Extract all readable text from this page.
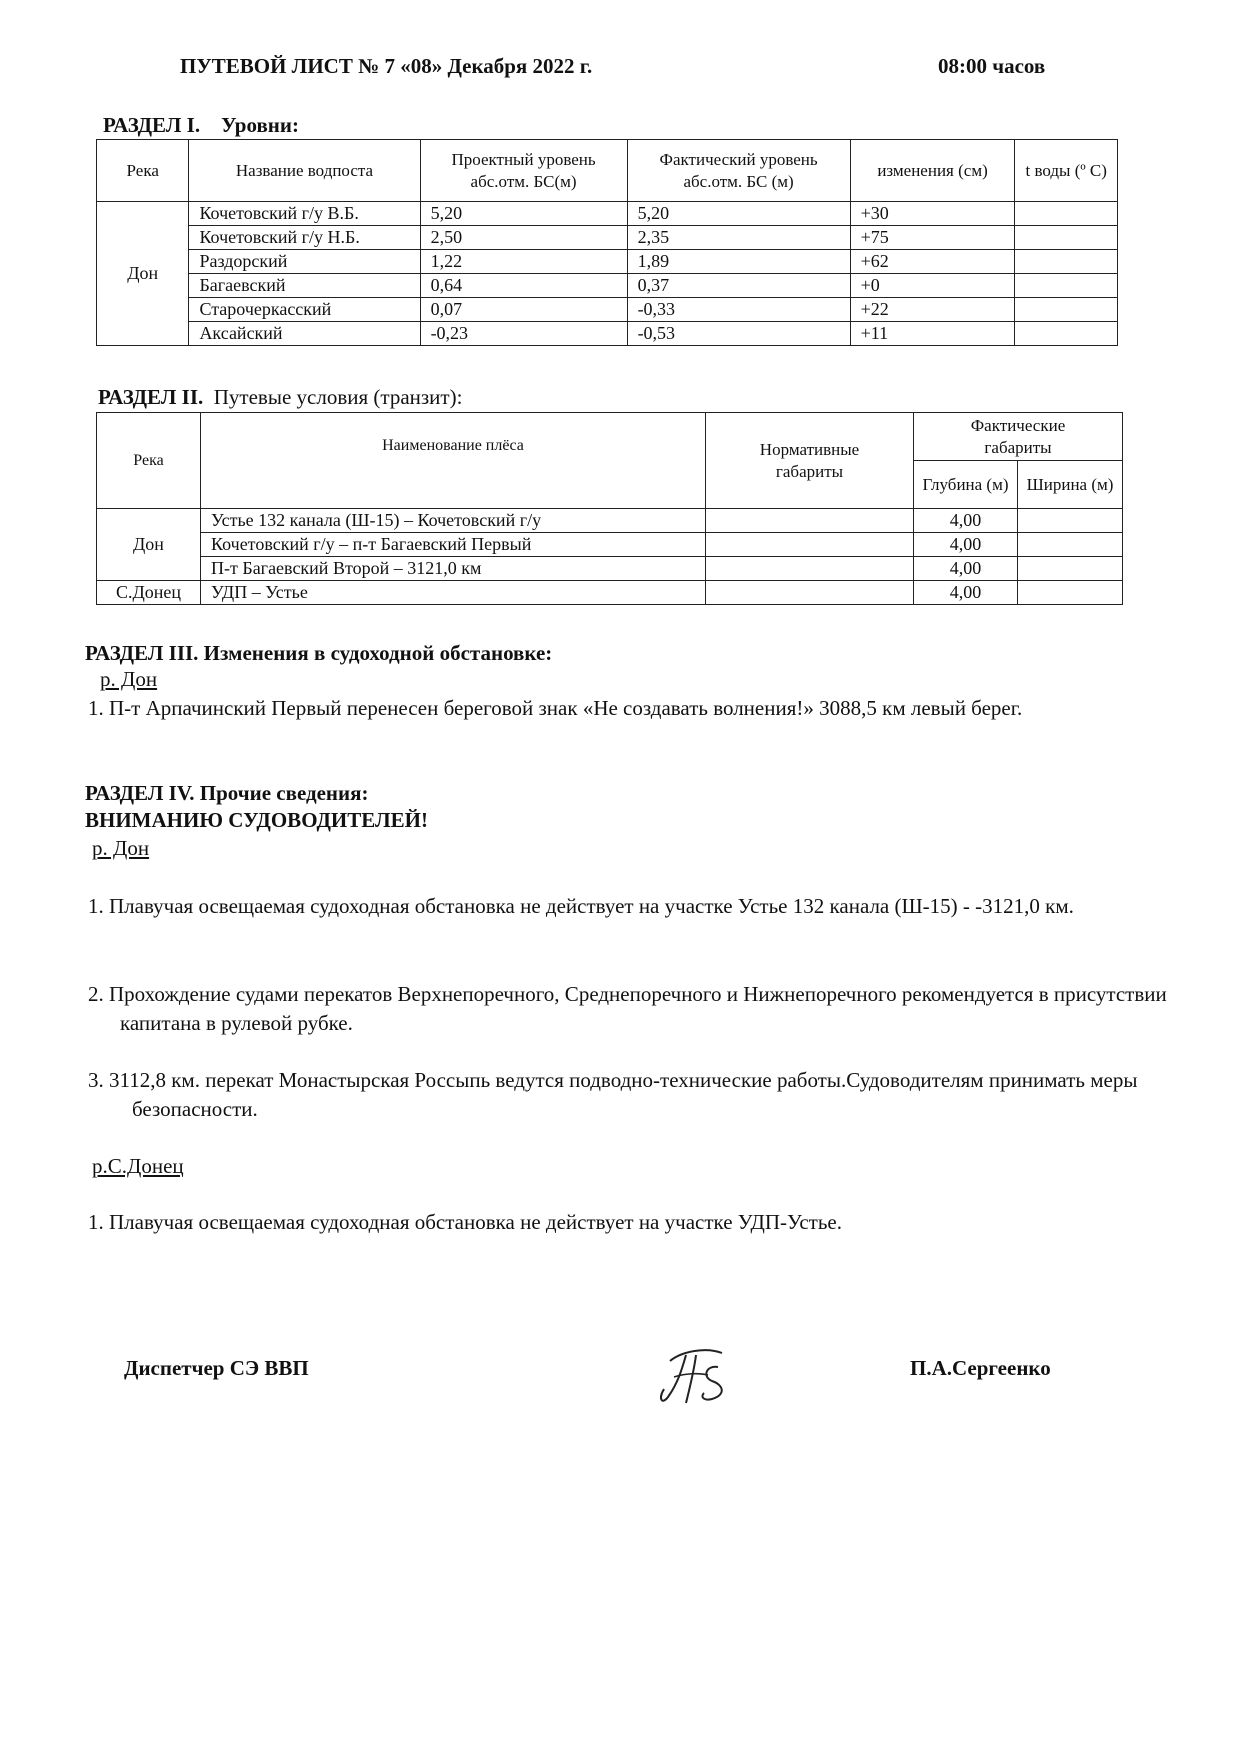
ПУТЕВОЙ ЛИСТ № 7 «08» Декабря 2022 г.	08:00 часов
РАЗДЕЛ I. Уровни:
Река	Название водпоста	Проектный уровень абс.отм. БС(м)	Фактический уровень абс.отм. БС (м)	изменения (см)	t воды (º С)
Дон	Кочетовский г/у В.Б.	5,20	5,20	+30	
	Кочетовский г/у Н.Б.	2,50	2,35	+75	
	Раздорский	1,22	1,89	+62	
	Багаевский	0,64	0,37	+0	
	Старочеркасский	0,07	-0,33	+22	
	Аксайский	-0,23	-0,53	+11	
РАЗДЕЛ II. Путевые условия (транзит):
Река	Наименование плёса	Нормативные габариты	Фактические габариты	
			Глубина (м)	Ширина (м)
Дон	Устье 132 канала (Ш-15) – Кочетовский г/у		4,00	
	Кочетовский г/у – п-т Багаевский Первый		4,00	
	П-т Багаевский Второй – 3121,0 км		4,00	
С.Донец	УДП – Устье		4,00	
РАЗДЕЛ III. Изменения в судоходной обстановке:
р. Дон
1. П-т Арпачинский Первый перенесен береговой знак «Не создавать волнения!» 3088,5 км левый берег.
РАЗДЕЛ IV. Прочие сведения:
ВНИМАНИЮ СУДОВОДИТЕЛЕЙ!
р. Дон
1. Плавучая освещаемая судоходная обстановка не действует на участке Устье 132 канала (Ш-15) - -3121,0 км.
2. Прохождение судами перекатов Верхнепоречного, Среднепоречного и Нижнепоречного рекомендуется в присутствии капитана в рулевой рубке.
3. 3112,8 км. перекат Монастырская Россыпь ведутся подводно-технические работы.Судоводителям принимать меры безопасности.
р.С.Донец
1. Плавучая освещаемая судоходная обстановка не действует на участке УДП-Устье.
Диспетчер СЭ ВВП	П.А.Сергеенко
